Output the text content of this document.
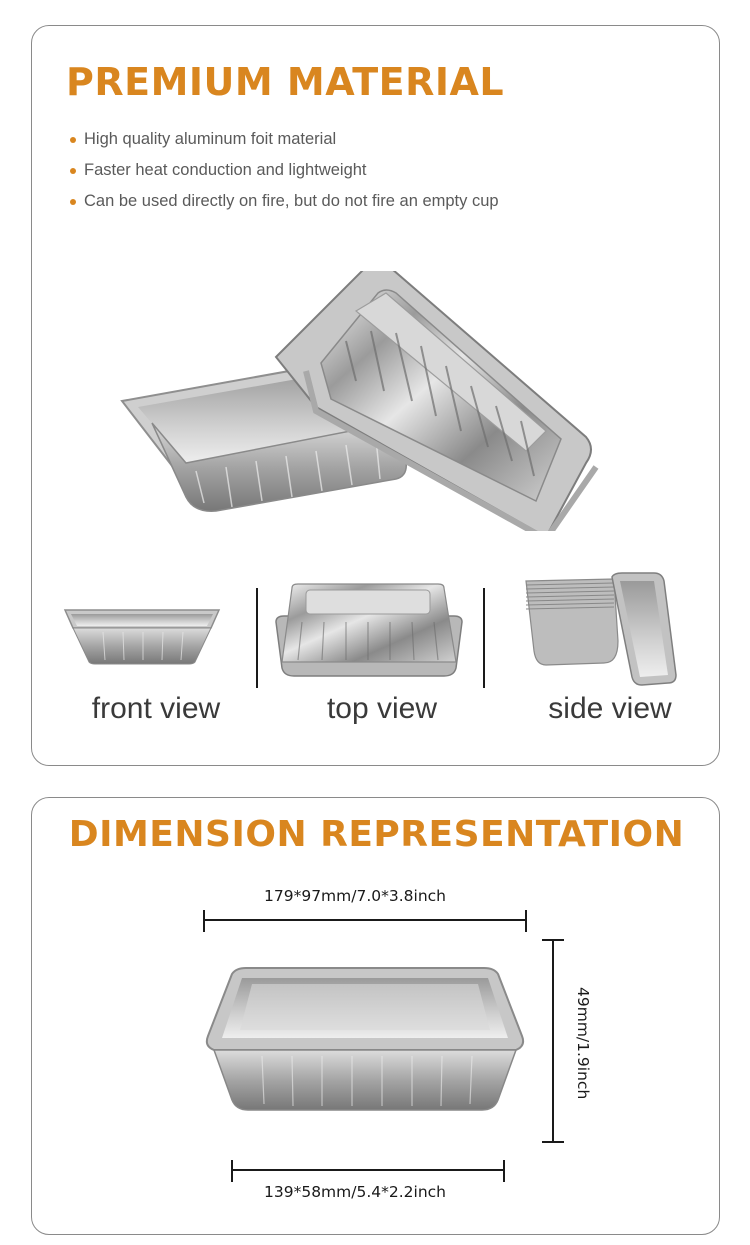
PREMIUM MATERIAL
High quality aluminum foit material
Faster heat conduction and lightweight
Can be used directly on fire, but do not fire an empty cup
front view	top view	side view
DIMENSION REPRESENTATION
179*97mm/7.0*3.8inch
49mm/1.9inch
139*58mm/5.4*2.2inch
